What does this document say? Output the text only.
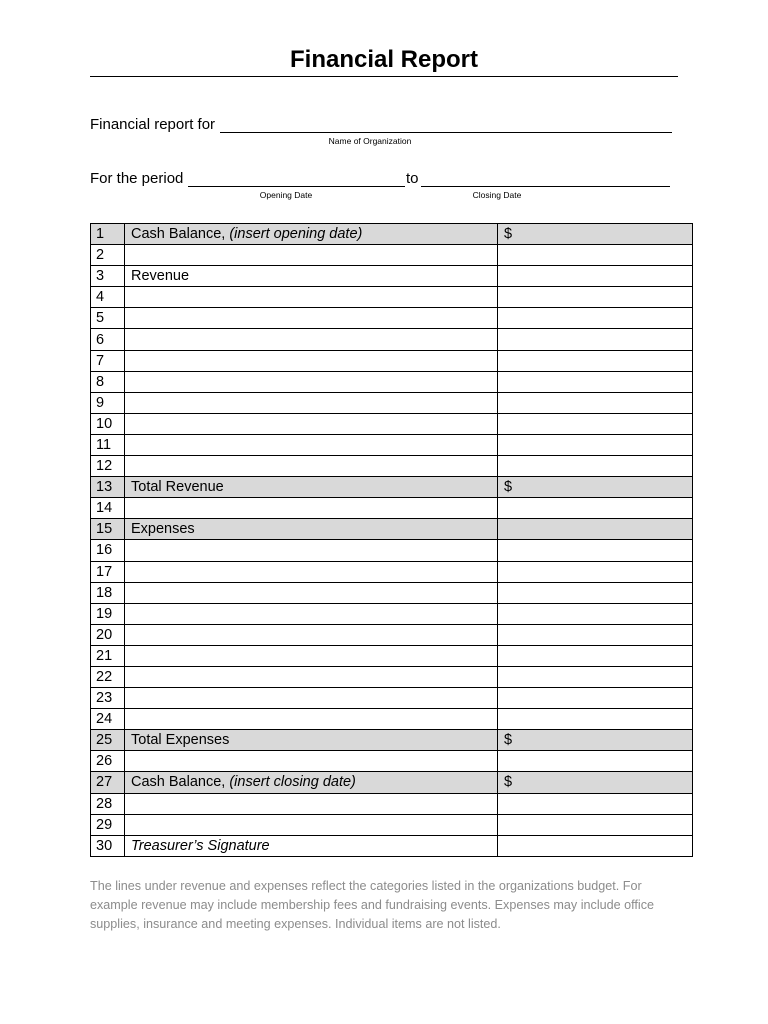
Financial Report
Financial report for
Name of Organization
For the period	to
Opening Date	Closing Date
1	Cash Balance, (insert opening date)	$
2		
3	Revenue	
4		
5		
6		
7		
8		
9		
10		
11		
12		
13	Total Revenue	$
14		
15	Expenses	
16		
17		
18		
19		
20		
21		
22		
23		
24		
25	Total Expenses	$
26		
27	Cash Balance, (insert closing date)	$
28		
29		
30	Treasurer’s Signature	
The lines under revenue and expenses reflect the categories listed in the organizations budget. For example revenue may include membership fees and fundraising events. Expenses may include office supplies, insurance and meeting expenses. Individual items are not listed.
